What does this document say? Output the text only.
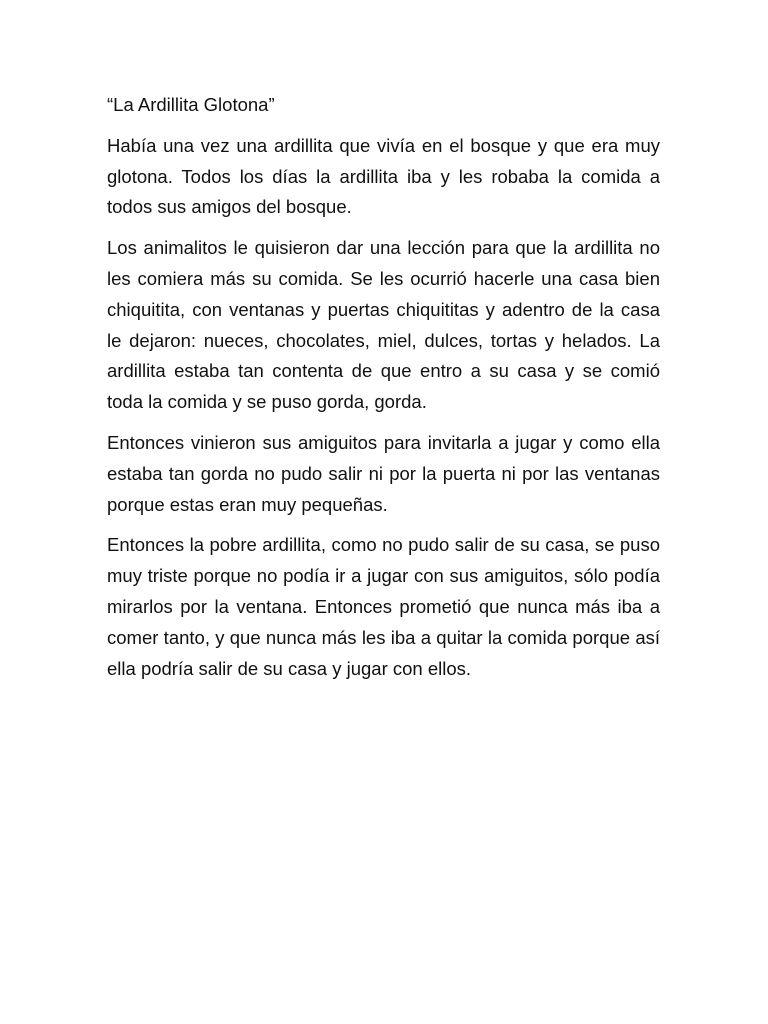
“La Ardillita Glotona”

Había una vez una ardillita que vivía en el bosque y que era muy glotona. Todos los días la ardillita iba y les robaba la comida a todos sus amigos del bosque.

Los animalitos le quisieron dar una lección para que la ardillita no les comiera más su comida. Se les ocurrió hacerle una casa bien chiquitita, con ventanas y puertas chiquititas y adentro de la casa le dejaron: nueces, chocolates, miel, dulces, tortas y helados. La ardillita estaba tan contenta de que entro a su casa y se comió toda la comida y se puso gorda, gorda.

Entonces vinieron sus amiguitos para invitarla a jugar y como ella estaba tan gorda no pudo salir ni por la puerta ni por las ventanas porque estas eran muy pequeñas.

Entonces la pobre ardillita, como no pudo salir de su casa, se puso muy triste porque no podía ir a jugar con sus amiguitos, sólo podía mirarlos por la ventana. Entonces prometió que nunca más iba a comer tanto, y que nunca más les iba a quitar la comida porque así ella podría salir de su casa y jugar con ellos.
